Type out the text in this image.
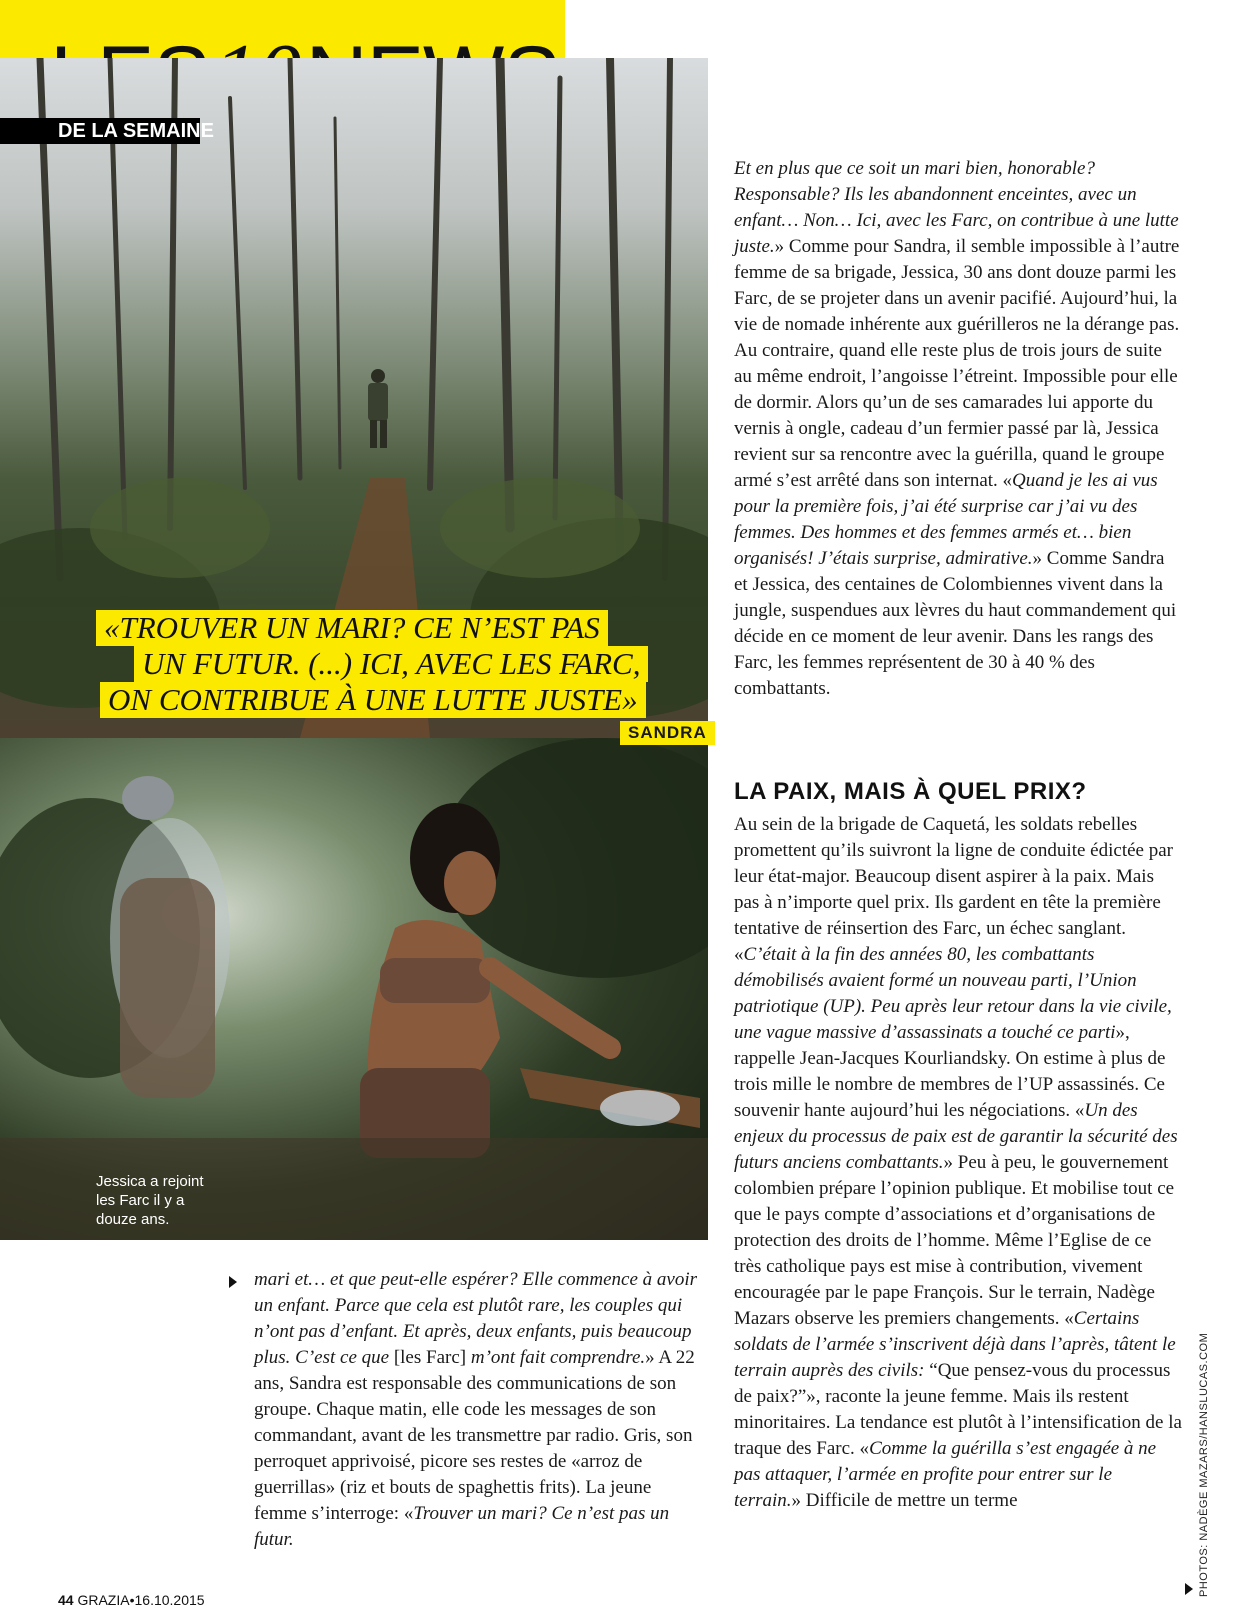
DE LA SEMAINE
«TROUVER UN MARI? CE N’EST PAS
UN FUTUR. (...) ICI, AVEC LES FARC,
ON CONTRIBUE À UNE LUTTE JUSTE»
SANDRA
Jessica a rejoint les Farc il y a douze ans.

Et en plus que ce soit un mari bien, honorable? Responsable? Ils les abandonnent enceintes, avec un enfant… Non… Ici, avec les Farc, on contribue à une lutte juste.» Comme pour Sandra, il semble impossible à l’autre femme de sa brigade, Jessica, 30 ans dont douze parmi les Farc, de se projeter dans un avenir pacifié. Aujourd’hui, la vie de nomade inhérente aux guérilleros ne la dérange pas. Au contraire, quand elle reste plus de trois jours de suite au même endroit, l’angoisse l’étreint. Impossible pour elle de dormir. Alors qu’un de ses camarades lui apporte du vernis à ongle, cadeau d’un fermier passé par là, Jessica revient sur sa rencontre avec la guérilla, quand le groupe armé s’est arrêté dans son internat. «Quand je les ai vus pour la première fois, j’ai été surprise car j’ai vu des femmes. Des hommes et des femmes armés et… bien organisés! J’étais surprise, admirative.» Comme Sandra et Jessica, des centaines de Colombiennes vivent dans la jungle, suspendues aux lèvres du haut commandement qui décide en ce moment de leur avenir. Dans les rangs des Farc, les femmes représentent de 30 à 40 % des combattants.

LA PAIX, MAIS À QUEL PRIX?

Au sein de la brigade de Caquetá, les soldats rebelles promettent qu’ils suivront la ligne de conduite édictée par leur état-major. Beaucoup disent aspirer à la paix. Mais pas à n’importe quel prix. Ils gardent en tête la première tentative de réinsertion des Farc, un échec sanglant. «C’était à la fin des années 80, les combattants démobilisés avaient formé un nouveau parti, l’Union patriotique (UP). Peu après leur retour dans la vie civile, une vague massive d’assassinats a touché ce parti», rappelle Jean-Jacques Kourliandsky. On estime à plus de trois mille le nombre de membres de l’UP assassinés. Ce souvenir hante aujourd’hui les négociations. «Un des enjeux du processus de paix est de garantir la sécurité des futurs anciens combattants.» Peu à peu, le gouvernement colombien prépare l’opinion publique. Et mobilise tout ce que le pays compte d’associations et d’organisations de protection des droits de l’homme. Même l’Eglise de ce très catholique pays est mise à contribution, vivement encouragée par le pape François. Sur le terrain, Nadège Mazars observe les premiers changements. «Certains soldats de l’armée s’inscrivent déjà dans l’après, tâtent le terrain auprès des civils: “Que pensez-vous du processus de paix?”», raconte la jeune femme. Mais ils restent minoritaires. La tendance est plutôt à l’intensification de la traque des Farc. «Comme la guérilla s’est engagée à ne pas attaquer, l’armée en profite pour entrer sur le terrain.» Difficile de mettre un terme

mari et… et que peut-elle espérer? Elle commence à avoir un enfant. Parce que cela est plutôt rare, les couples qui n’ont pas d’enfant. Et après, deux enfants, puis beaucoup plus. C’est ce que [les Farc] m’ont fait comprendre.» A 22 ans, Sandra est responsable des communications de son groupe. Chaque matin, elle code les messages de son commandant, avant de les transmettre par radio. Gris, son perroquet apprivoisé, picore ses restes de «arroz de guerrillas» (riz et bouts de spaghettis frits). La jeune femme s’interroge: «Trouver un mari? Ce n’est pas un futur.	PHOTOS: NADÈGE MAZARS/HANSLUCAS.COM
44 GRAZIA•16.10.2015
